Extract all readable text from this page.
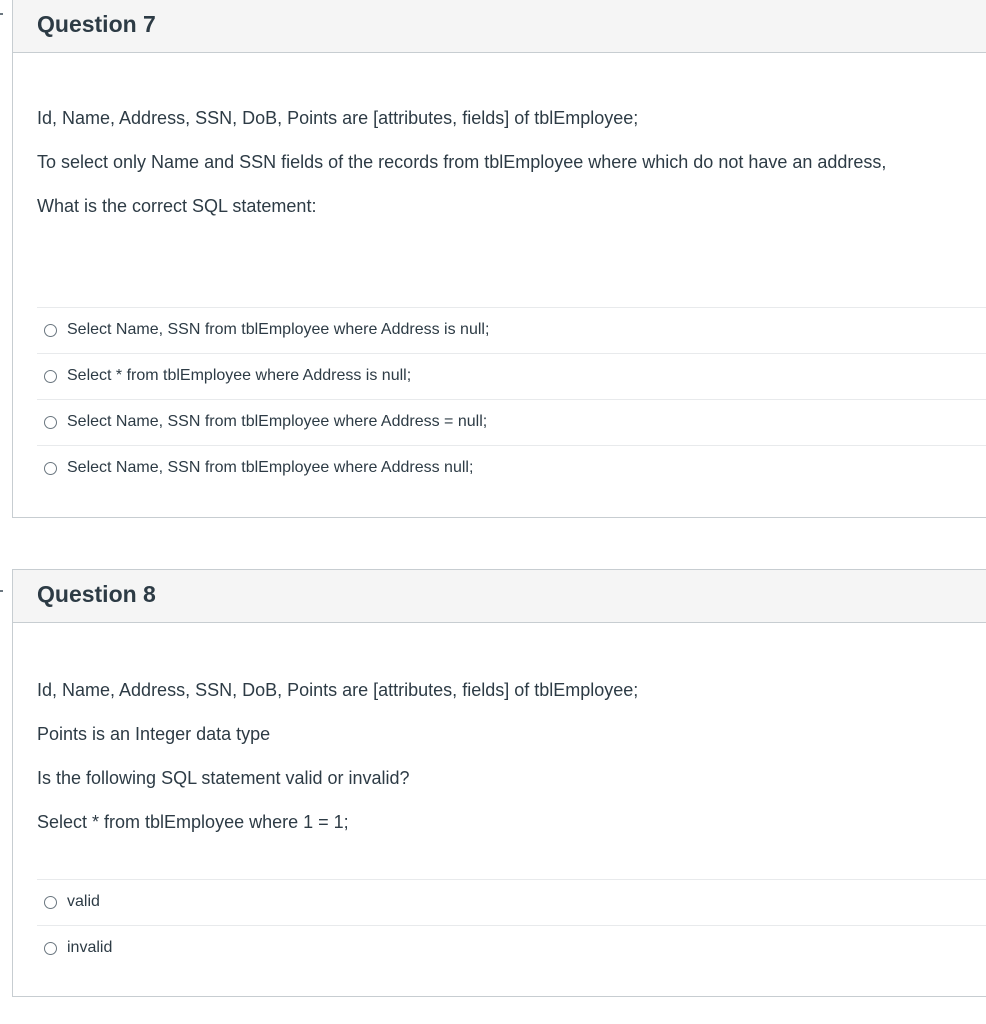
Question 7

Id, Name, Address, SSN, DoB, Points are [attributes, fields] of tblEmployee;

To select only Name and SSN fields of the records from tblEmployee where which do not have an address,

What is the correct SQL statement:

Select Name, SSN from tblEmployee where Address is null;
Select * from tblEmployee where Address is null;
Select Name, SSN from tblEmployee where Address = null;
Select Name, SSN from tblEmployee where Address null;
Question 8

Id, Name, Address, SSN, DoB, Points are [attributes, fields] of tblEmployee;

Points is an Integer data type

Is the following SQL statement valid or invalid?

Select * from tblEmployee where 1 = 1;

valid
invalid
